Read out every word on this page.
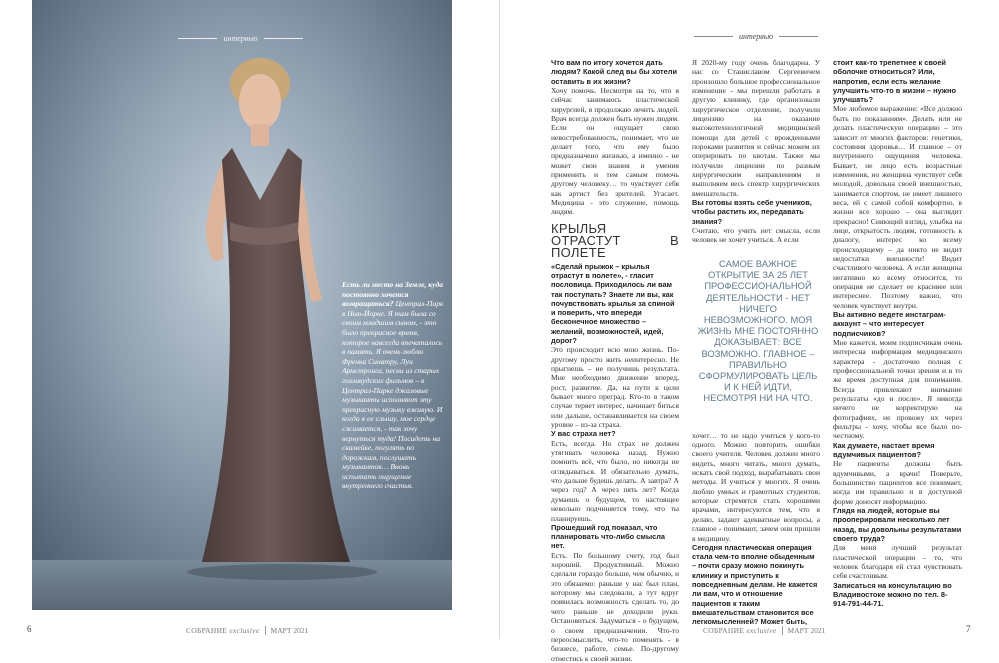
интервью
Есть ли место на Земле, куда постоянно хочется возвращаться? Централ-Парк в Нью-Йорке. Я там была со своим младшим сыном, - это было прекрасное время, которое навсегда впечаталось в память. Я очень люблю Френка Синатру, Луи Армстронга, песни из старых голливудских фильмов – в Централ-Парке джазовые музыканты исполняют эту прекрасную музыку вживую. И когда я ее слышу, мое сердце сжимается, - так хочу вернуться туда! Посидеть на скамейке, погулять по дорожкам, послушать музыкантов… Вновь испытать ощущение внутреннего счастья.
6	СОБРАНИЕ exclusive МАРТ 2021
интервью

Что вам по итогу хочется дать людям? Какой след вы бы хотели оставить в их жизни?

Хочу помочь. Несмотря на то, что я сейчас занимаюсь пластической хирургией, я продолжаю лечить людей. Врач всегда должен быть нужен людям. Если он ощущает свою невостребованность, понимает, что не делает того, что ему было предназначено жизнью, а именно - не может свои знания и умения применить и тем самым помочь другому человеку… то чувствует себя как артист без зрителей. Угасает. Медицина - это служение, помощь людям.

КРЫЛЬЯ ОТРАСТУТ В ПОЛЕТЕ

«Сделай прыжок – крылья отрастут в полете», - гласит пословица. Приходилось ли вам так поступать? Знаете ли вы, как почувствовать крылья за спиной и поверить, что впереди бесконечное множество – желаний, возможностей, идей, дорог?

Это происходит всю мою жизнь. По-другому просто жить неинтересно. Не прыгнешь – не получишь результата. Мне необходимо движение вперед, рост, развитие. Да, на пути к цели бывает много преград. Кто-то в таком случае теряет интерес, начинает биться или дальше, останавливается на своем уровне – из-за страха.

У вас страха нет?

Есть, всегда. Но страх не должен утягивать человека назад. Нужно помнить всё, что было, но никогда не оглядываться. И обязательно думать, что дальше будешь делать. А завтра? А через год? А через пять лет? Когда думаешь о будущем, то настоящее невольно подчиняется тому, что ты планируешь.

Прошедший год показал, что планировать что-либо смысла нет.

Есть. По большому счету, год был хороший. Продуктивный. Можно сделали гораздо больше, чем обычно, и это обязаемо: раньше у нас был план, которому мы следовали, а тут вдруг появилась возможность сделать то, до чего раньше не доходили руки. Остановиться. Задуматься - о будущем, о своем предназначении. Что-то переосмыслить, что-то поменять - в бизнесе, работе, семье. По-другому отнестись к своей жизни.

Я 2020-му году очень благодарна. У нас со Станиславом Сергеевичем произошло большое профессиональное изменение - мы перешли работать в другую клинику, где организовали хирургическое отделение, получили лицензию на оказание высокотехнологичной медицинской помощи для детей с врожденными пороками развития и сейчас можем их оперировать по квотам. Также мы получили лицензии по разным хирургическим направлениям и выполняем весь спектр хирургических вмешательств.

Вы готовы взять себе учеников, чтобы растить их, передавать знания?

Считаю, что учить нет смысла, если человек не хочет учиться. А если

хочет… то не надо учиться у кого-то одного. Можно повторить ошибки своего учителя. Человек должен много видеть, много читать, много думать, искать свой подход, вырабатывать свои методы. И учиться у многих. Я очень люблю умных и грамотных студентов, которые стремятся стать хорошими врачами, интересуются тем, что я делаю, задают адекватные вопросы, а главное - понимают, зачем они пришли в медицину.

Сегодня пластическая операция стала чем-то вполне обыденным – почти сразу можно покинуть клинику и приступить к повседневным делам. Не кажется ли вам, что и отношение пациентов к таким вмешательствам становится все легкомысленней? Может быть,

стоит как-то трепетнее к своей оболочке относиться? Или, напротив, если есть желание улучшить что-то в жизни – нужно улучшать?

Мое любимое выражение: «Все должно быть по показаниям». Делать или не делать пластическую операцию – это зависит от многих факторов: генетики, состояния здоровья… И главное – от внутреннего ощущения человека. Бывает, не лицо есть возрастные изменения, но женщина чувствует себя молодой, довольна своей внешностью, занимается спортом, не имеет лишнего веса, ей с самой собой комфортно, в жизни все хорошо – она выглядит прекрасно! Сияющий взгляд, улыбка на лице, открытость людям, готовность к диалогу, интерес ко всему происходящему – да никто не видит недостатки внешности! Видит счастливого человека. А если женщина негативно ко всему относится, то операция не сделает ее красивее или интереснее. Поэтому важно, что человек чувствует внутри.

Вы активно ведете инстаграм-аккаунт – что интересует подписчиков?

Мне кажется, моим подписчикам очень интересна информация медицинского характера - достаточно полная с профессиональной точки зрения и в то же время доступная для понимания. Всегда привлекают внимание результаты «до и после». Я никогда ничего не корректирую на фотографиях, не провожу их через фильтры - хочу, чтобы все было по-честному.

Как думаете, настает время вдумчивых пациентов?

Не пациенты должны быть вдумчивыми, а врачи! Поверьте, большинство пациентов все понимает, когда им правильно и в доступной форме доносят информацию.

Глядя на людей, которые вы прооперировали несколько лет назад, вы довольны результатами своего труда?

Для меня лучший результат пластической операции - то, что человек благодаря ей стал чувствовать себя счастливым.

Записаться на консультацию во Владивостоке можно по тел. 8-914-791-44-71.

САМОЕ ВАЖНОЕ ОТКРЫТИЕ ЗА 25 ЛЕТ ПРОФЕССИОНАЛЬНОЙ ДЕЯТЕЛЬНОСТИ - НЕТ НИЧЕГО НЕВОЗМОЖНОГО. МОЯ ЖИЗНЬ МНЕ ПОСТОЯННО ДОКАЗЫВАЕТ: ВСЕ ВОЗМОЖНО. ГЛАВНОЕ – ПРАВИЛЬНО СФОРМУЛИРОВАТЬ ЦЕЛЬ И К НЕЙ ИДТИ, НЕСМОТРЯ НИ НА ЧТО.
7
СОБРАНИЕ exclusive МАРТ 2021
